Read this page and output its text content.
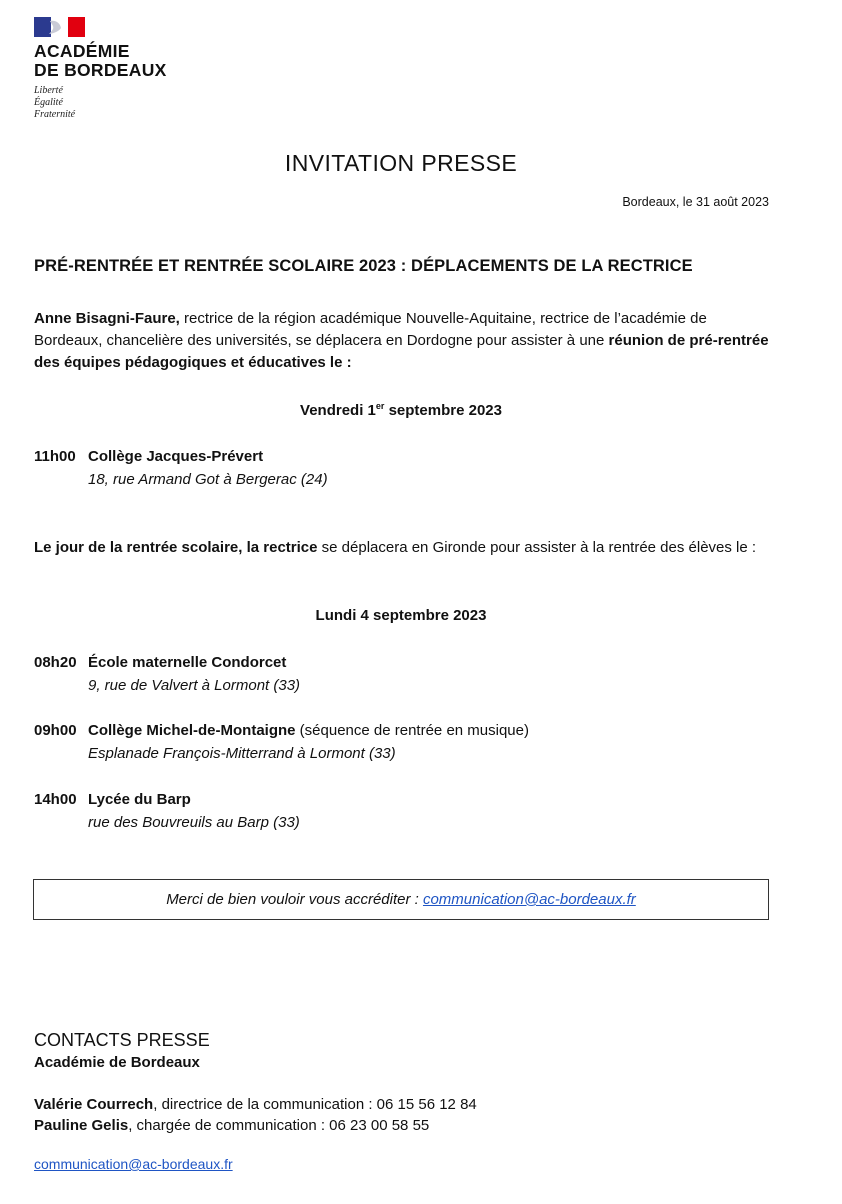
ACADÉMIE
DE BORDEAUX
Liberté
Égalité
Fraternité
INVITATION PRESSE
Bordeaux, le 31 août 2023
PRÉ-RENTRÉE ET RENTRÉE SCOLAIRE 2023 : DÉPLACEMENTS DE LA RECTRICE
Anne Bisagni-Faure, rectrice de la région académique Nouvelle-Aquitaine, rectrice de l’académie de Bordeaux, chancelière des universités, se déplacera en Dordogne pour assister à une réunion de pré-rentrée des équipes pédagogiques et éducatives le :
Vendredi 1er septembre 2023
11h00 Collège Jacques-Prévert
18, rue Armand Got à Bergerac (24)
Le jour de la rentrée scolaire, la rectrice se déplacera en Gironde pour assister à la rentrée des élèves le :
Lundi 4 septembre 2023
08h20 École maternelle Condorcet
9, rue de Valvert à Lormont (33)
09h00 Collège Michel-de-Montaigne (séquence de rentrée en musique)
Esplanade François-Mitterrand à Lormont (33)
14h00 Lycée du Barp
rue des Bouvreuils au Barp (33)
Merci de bien vouloir vous accréditer : communication@ac-bordeaux.fr
CONTACTS PRESSE
Académie de Bordeaux
Valérie Courrech, directrice de la communication : 06 15 56 12 84
Pauline Gelis, chargée de communication : 06 23 00 58 55
communication@ac-bordeaux.fr
